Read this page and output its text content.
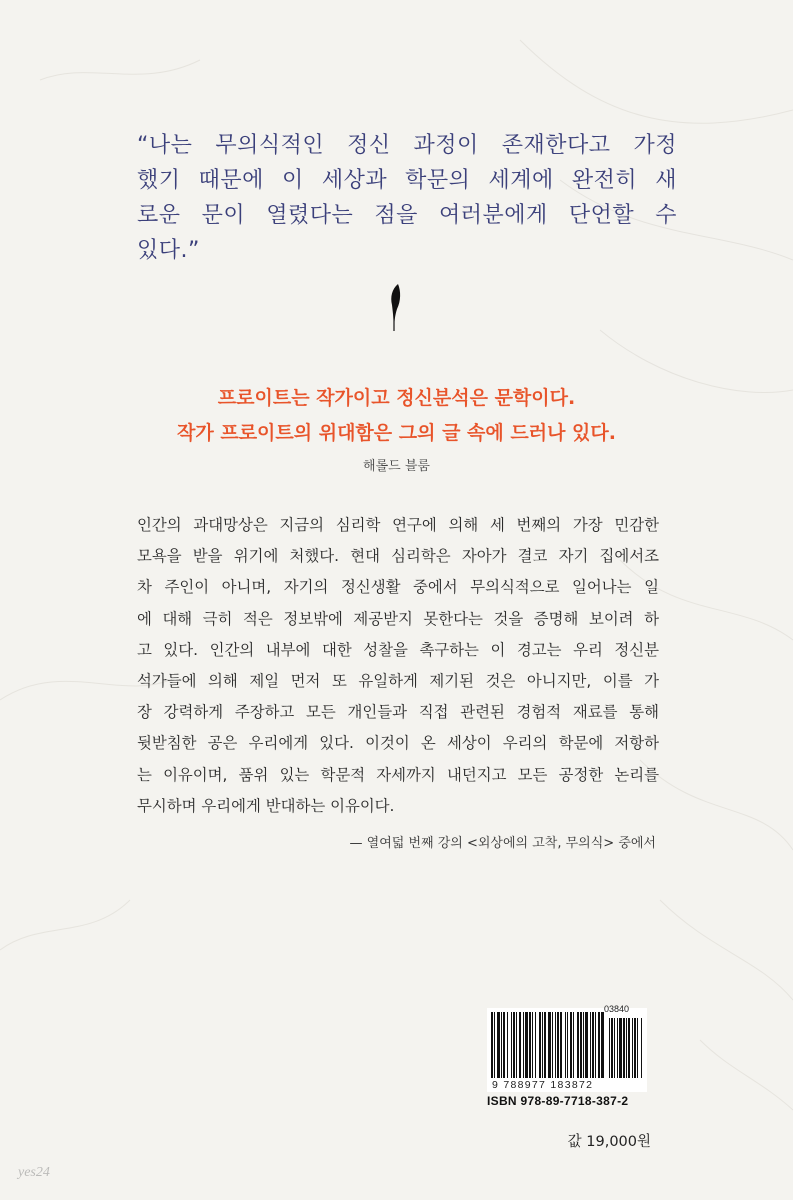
“나는 무의식적인 정신 과정이 존재한다고 가정
했기 때문에 이 세상과 학문의 세계에 완전히 새
로운 문이 열렸다는 점을 여러분에게 단언할 수
있다.”

프로이트는 작가이고 정신분석은 문학이다.

작가 프로이트의 위대함은 그의 글 속에 드러나 있다.

해롤드 블룸

인간의 과대망상은 지금의 심리학 연구에 의해 세 번째의 가장 민감한
모욕을 받을 위기에 처했다. 현대 심리학은 자아가 결코 자기 집에서조
차 주인이 아니며, 자기의 정신생활 중에서 무의식적으로 일어나는 일
에 대해 극히 적은 정보밖에 제공받지 못한다는 것을 증명해 보이려 하
고 있다. 인간의 내부에 대한 성찰을 촉구하는 이 경고는 우리 정신분
석가들에 의해 제일 먼저 또 유일하게 제기된 것은 아니지만, 이를 가
장 강력하게 주장하고 모든 개인들과 직접 관련된 경험적 재료를 통해
뒷받침한 공은 우리에게 있다. 이것이 온 세상이 우리의 학문에 저항하
는 이유이며, 품위 있는 학문적 자세까지 내던지고 모든 공정한 논리를
무시하며 우리에게 반대하는 이유이다.

— 열여덟 번째 강의 <외상에의 고착, 무의식> 중에서

03840
9 788977 183872
ISBN 978-89-7718-387-2
값 19,000원
yes24
